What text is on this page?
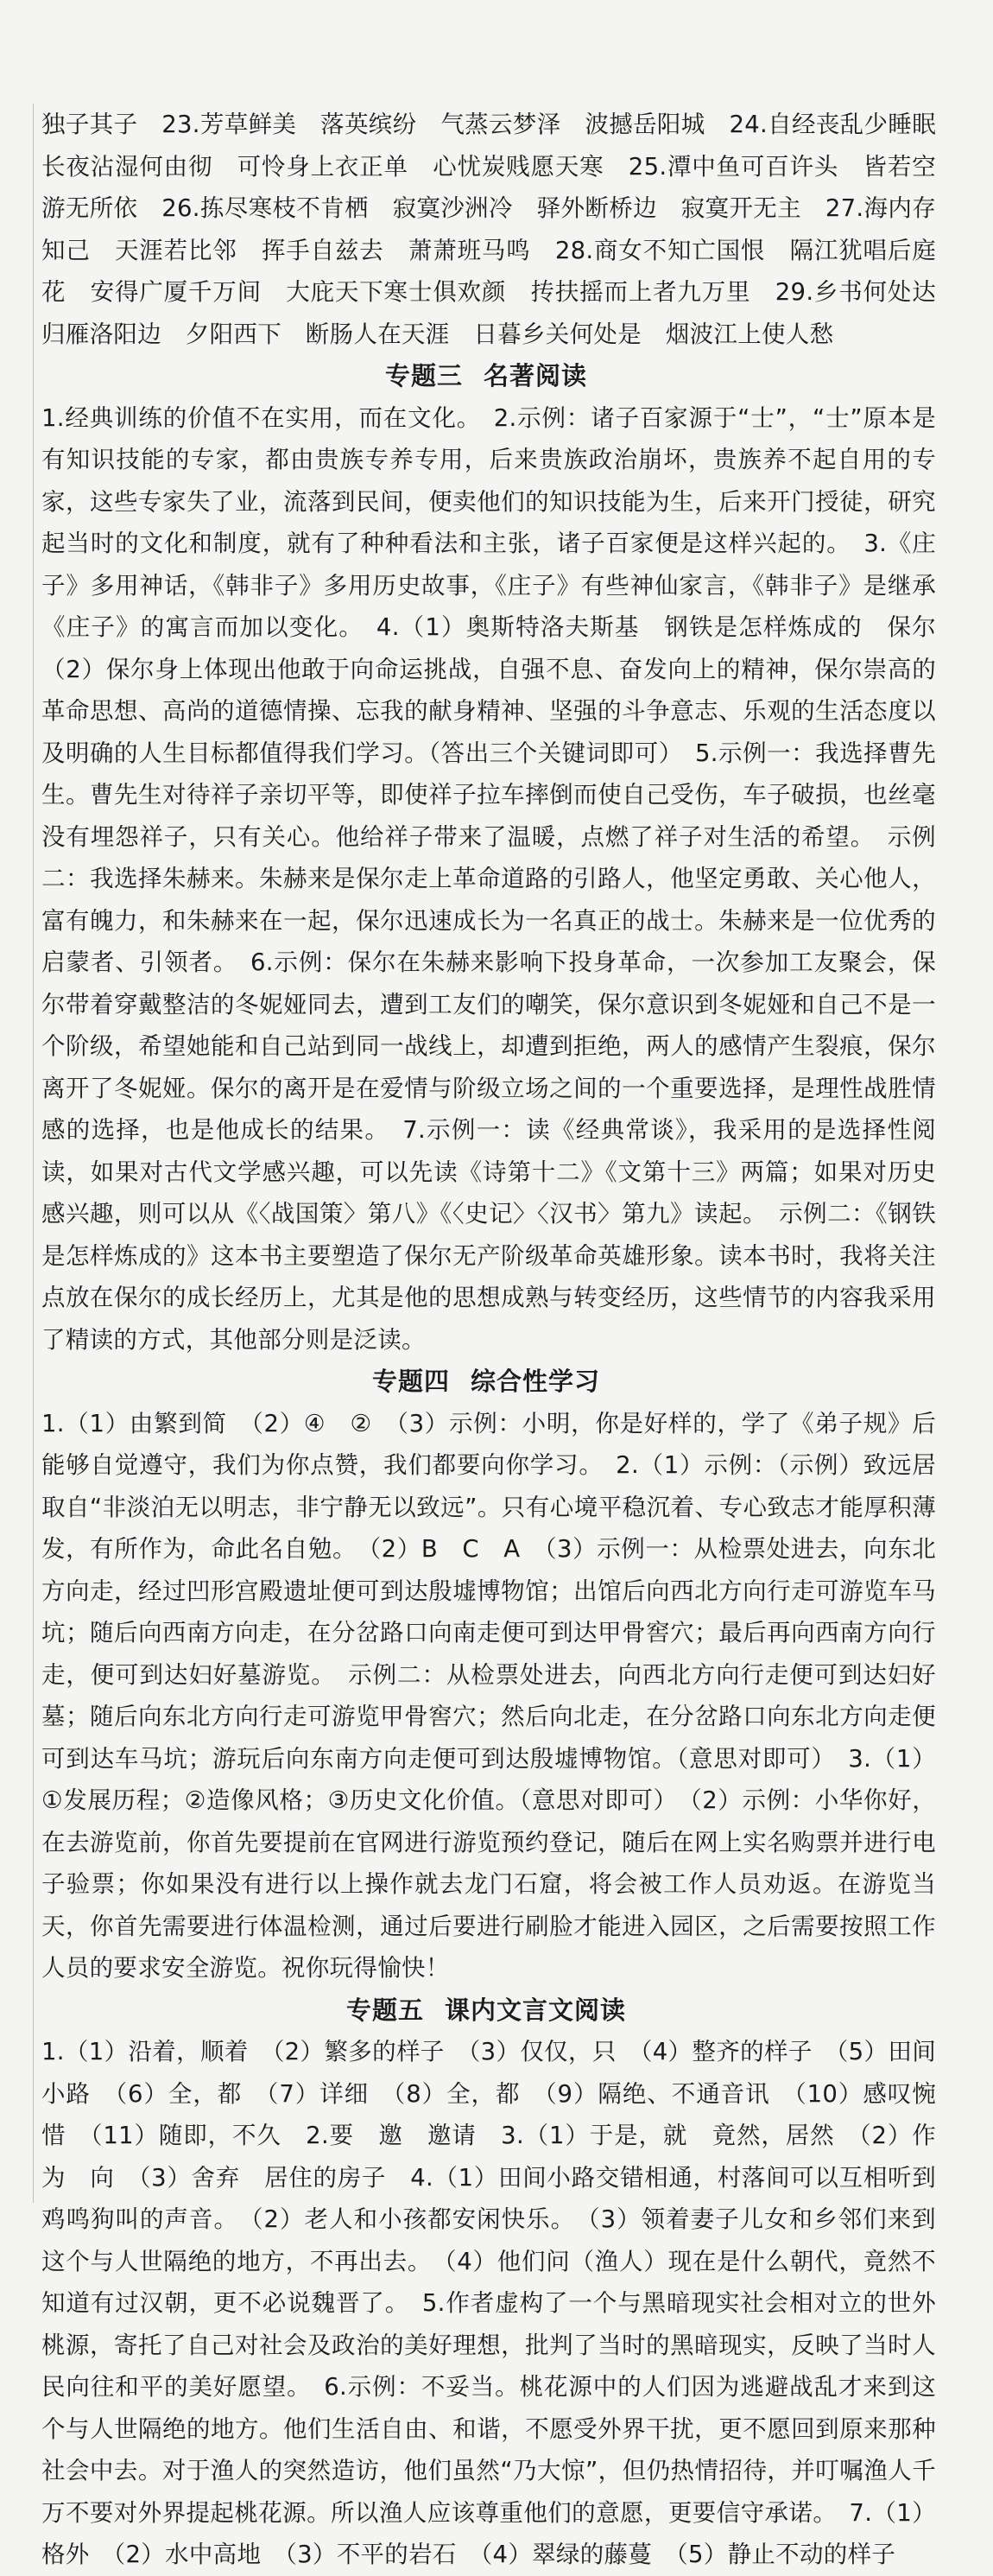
独子其子　23.芳草鲜美　落英缤纷　气蒸云梦泽　波撼岳阳城　24.自经丧乱少睡眠　长夜沾湿何由彻　可怜身上衣正单　心忧炭贱愿天寒　25.潭中鱼可百许头　皆若空游无所依　26.拣尽寒枝不肯栖　寂寞沙洲冷　驿外断桥边　寂寞开无主　27.海内存知己　天涯若比邻　挥手自兹去　萧萧班马鸣　28.商女不知亡国恨　隔江犹唱后庭花　安得广厦千万间　大庇天下寒士俱欢颜　抟扶摇而上者九万里　29.乡书何处达　归雁洛阳边　夕阳西下　断肠人在天涯　日暮乡关何处是　烟波江上使人愁

专题三 名著阅读

1.经典训练的价值不在实用，而在文化。　2.示例：诸子百家源于“士”，“士”原本是有知识技能的专家，都由贵族专养专用，后来贵族政治崩坏，贵族养不起自用的专家，这些专家失了业，流落到民间，便卖他们的知识技能为生，后来开门授徒，研究起当时的文化和制度，就有了种种看法和主张，诸子百家便是这样兴起的。　3.《庄子》多用神话，《韩非子》多用历史故事，《庄子》有些神仙家言，《韩非子》是继承《庄子》的寓言而加以变化。　4.（1）奥斯特洛夫斯基　钢铁是怎样炼成的　保尔　（2）保尔身上体现出他敢于向命运挑战，自强不息、奋发向上的精神，保尔崇高的革命思想、高尚的道德情操、忘我的献身精神、坚强的斗争意志、乐观的生活态度以及明确的人生目标都值得我们学习。（答出三个关键词即可）　5.示例一：我选择曹先生。曹先生对待祥子亲切平等，即使祥子拉车摔倒而使自己受伤，车子破损，也丝毫没有埋怨祥子，只有关心。他给祥子带来了温暖，点燃了祥子对生活的希望。　示例二：我选择朱赫来。朱赫来是保尔走上革命道路的引路人，他坚定勇敢、关心他人，富有魄力，和朱赫来在一起，保尔迅速成长为一名真正的战士。朱赫来是一位优秀的启蒙者、引领者。　6.示例：保尔在朱赫来影响下投身革命，一次参加工友聚会，保尔带着穿戴整洁的冬妮娅同去，遭到工友们的嘲笑，保尔意识到冬妮娅和自己不是一个阶级，希望她能和自己站到同一战线上，却遭到拒绝，两人的感情产生裂痕，保尔离开了冬妮娅。保尔的离开是在爱情与阶级立场之间的一个重要选择，是理性战胜情感的选择，也是他成长的结果。　7.示例一：读《经典常谈》，我采用的是选择性阅读，如果对古代文学感兴趣，可以先读《诗第十二》《文第十三》两篇；如果对历史感兴趣，则可以从《〈战国策〉第八》《〈史记〉〈汉书〉第九》读起。　示例二：《钢铁是怎样炼成的》这本书主要塑造了保尔无产阶级革命英雄形象。读本书时，我将关注点放在保尔的成长经历上，尤其是他的思想成熟与转变经历，这些情节的内容我采用了精读的方式，其他部分则是泛读。

专题四 综合性学习

1.（1）由繁到简　（2）④　②　（3）示例：小明，你是好样的，学了《弟子规》后能够自觉遵守，我们为你点赞，我们都要向你学习。　2.（1）示例：（示例）致远居取自“非淡泊无以明志，非宁静无以致远”。只有心境平稳沉着、专心致志才能厚积薄发，有所作为，命此名自勉。　（2）B　C　A　（3）示例一：从检票处进去，向东北方向走，经过凹形宫殿遗址便可到达殷墟博物馆；出馆后向西北方向行走可游览车马坑；随后向西南方向走，在分岔路口向南走便可到达甲骨窖穴；最后再向西南方向行走，便可到达妇好墓游览。　示例二：从检票处进去，向西北方向行走便可到达妇好墓；随后向东北方向行走可游览甲骨窖穴；然后向北走，在分岔路口向东北方向走便可到达车马坑；游玩后向东南方向走便可到达殷墟博物馆。（意思对即可）　3.（1）①发展历程；②造像风格；③历史文化价值。（意思对即可）　（2）示例：小华你好，在去游览前，你首先要提前在官网进行游览预约登记，随后在网上实名购票并进行电子验票；你如果没有进行以上操作就去龙门石窟，将会被工作人员劝返。在游览当天，你首先需要进行体温检测，通过后要进行刷脸才能进入园区，之后需要按照工作人员的要求安全游览。祝你玩得愉快！

专题五 课内文言文阅读

1.（1）沿着，顺着　（2）繁多的样子　（3）仅仅，只　（4）整齐的样子　（5）田间小路　（6）全，都　（7）详细　（8）全，都　（9）隔绝、不通音讯　（10）感叹惋惜　（11）随即，不久　2.要　邀　邀请　3.（1）于是，就　竟然，居然　（2）作为　向　（3）舍弃　居住的房子　4.（1）田间小路交错相通，村落间可以互相听到鸡鸣狗叫的声音。　（2）老人和小孩都安闲快乐。　（3）领着妻子儿女和乡邻们来到这个与人世隔绝的地方，不再出去。　（4）他们问（渔人）现在是什么朝代，竟然不知道有过汉朝，更不必说魏晋了。　5.作者虚构了一个与黑暗现实社会相对立的世外桃源，寄托了自己对社会及政治的美好理想，批判了当时的黑暗现实，反映了当时人民向往和平的美好愿望。　6.示例：不妥当。桃花源中的人们因为逃避战乱才来到这个与人世隔绝的地方。他们生活自由、和谐，不愿受外界干扰，更不愿回到原来那种社会中去。对于渔人的突然造访，他们虽然“乃大惊”，但仍热情招待，并叮嘱渔人千万不要对外界提起桃花源。所以渔人应该尊重他们的意愿，更要信守承诺。　7.（1）格外　（2）水中高地　（3）不平的岩石　（4）翠绿的藤蔓　（5）静止不动的样子
